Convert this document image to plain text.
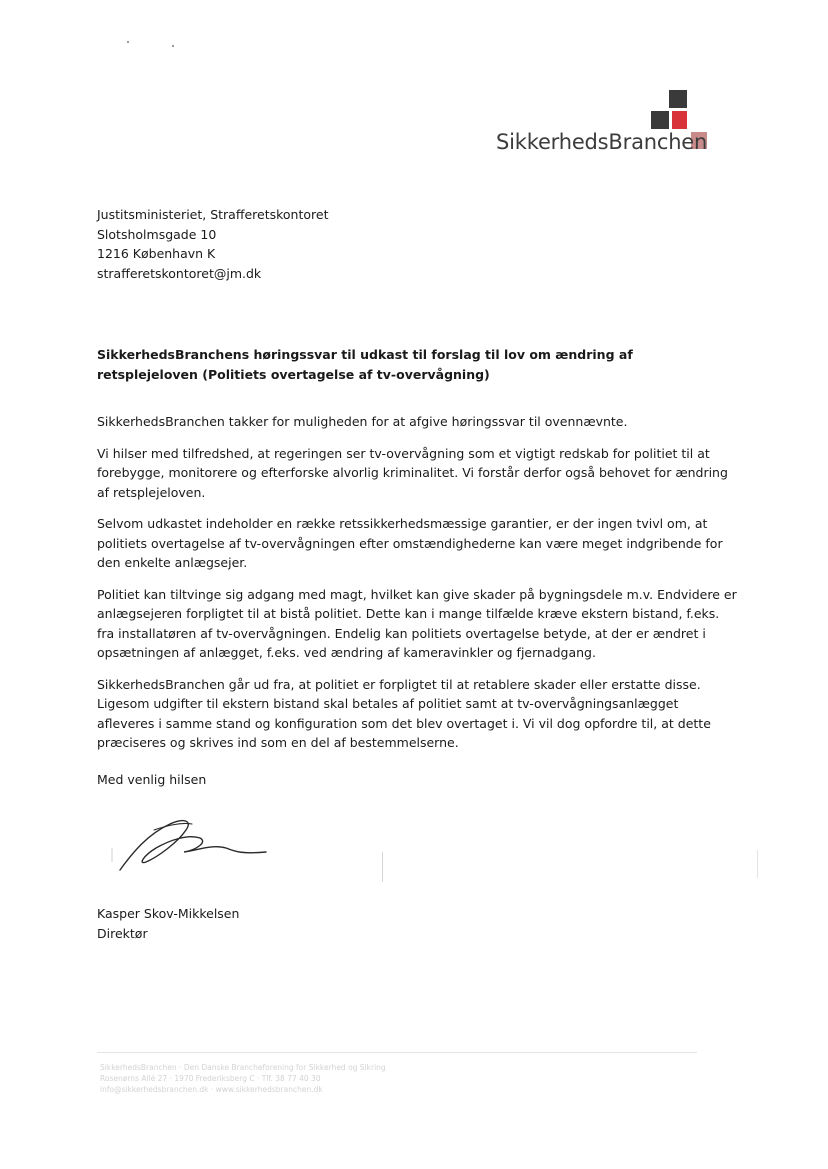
SikkerhedsBranchen
Justitsministeriet, Strafferetskontoret
Slotsholmsgade 10
1216 København K
strafferetskontoret@jm.dk
SikkerhedsBranchens høringssvar til udkast til forslag til lov om ændring af retsplejeloven (Politiets overtagelse af tv-overvågning)

SikkerhedsBranchen takker for muligheden for at afgive høringssvar til ovennævnte.

Vi hilser med tilfredshed, at regeringen ser tv-overvågning som et vigtigt redskab for politiet til at forebygge, monitorere og efterforske alvorlig kriminalitet. Vi forstår derfor også behovet for ændring af retsplejeloven.

Selvom udkastet indeholder en række retssikkerhedsmæssige garantier, er der ingen tvivl om, at politiets overtagelse af tv-overvågningen efter omstændighederne kan være meget indgribende for den enkelte anlægsejer.

Politiet kan tiltvinge sig adgang med magt, hvilket kan give skader på bygningsdele m.v. Endvidere er anlægsejeren forpligtet til at bistå politiet. Dette kan i mange tilfælde kræve ekstern bistand, f.eks. fra installatøren af tv-overvågningen. Endelig kan politiets overtagelse betyde, at der er ændret i opsætningen af anlægget, f.eks. ved ændring af kameravinkler og fjernadgang.

SikkerhedsBranchen går ud fra, at politiet er forpligtet til at retablere skader eller erstatte disse. Ligesom udgifter til ekstern bistand skal betales af politiet samt at tv-overvågningsanlægget afleveres i samme stand og konfiguration som det blev overtaget i. Vi vil dog opfordre til, at dette præciseres og skrives ind som en del af bestemmelserne.

Med venlig hilsen
Kasper Skov-Mikkelsen
Direktør
SikkerhedsBranchen · Den Danske Brancheforening for Sikkerhed og Sikring
Rosenørns Allé 27 · 1970 Frederiksberg C · Tlf. 38 77 40 30
info@sikkerhedsbranchen.dk · www.sikkerhedsbranchen.dk
